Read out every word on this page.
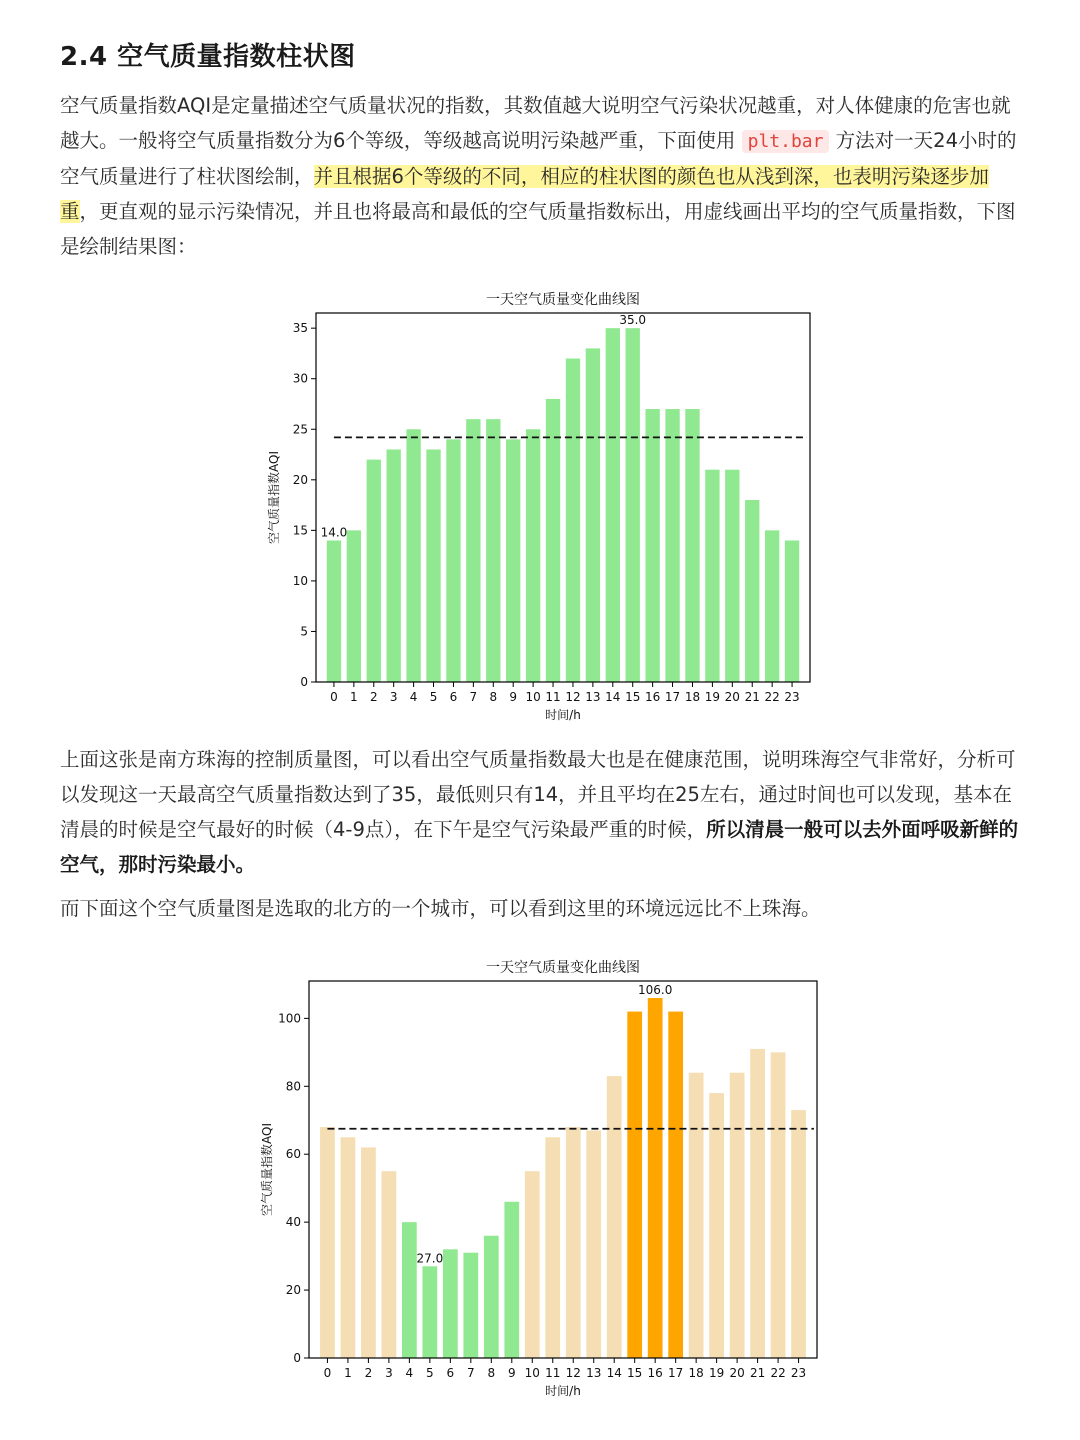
2.4 空气质量指数柱状图

空气质量指数AQI是定量描述空气质量状况的指数，其数值越大说明空气污染状况越重，对人体健康的危害也就越大。一般将空气质量指数分为6个等级，等级越高说明污染越严重，下面使用 plt.bar 方法对一天24小时的空气质量进行了柱状图绘制，并且根据6个等级的不同，相应的柱状图的颜色也从浅到深，也表明污染逐步加重，更直观的显示污染情况，并且也将最高和最低的空气质量指数标出，用虚线画出平均的空气质量指数，下图是绘制结果图：

一天空气质量变化曲线图
0
5
10
15
20
25
30
35
0 1 2 3 4 5 6 7 8 9 10 11 12 13 14 15 16 17 18 19 20 21 22 23
14.0
35.0
时间/h
空气质量指数AQI

上面这张是南方珠海的控制质量图，可以看出空气质量指数最大也是在健康范围，说明珠海空气非常好，分析可以发现这一天最高空气质量指数达到了35，最低则只有14，并且平均在25左右，通过时间也可以发现，基本在清晨的时候是空气最好的时候（4-9点），在下午是空气污染最严重的时候，所以清晨一般可以去外面呼吸新鲜的空气，那时污染最小。

而下面这个空气质量图是选取的北方的一个城市，可以看到这里的环境远远比不上珠海。

一天空气质量变化曲线图
0
20
40
60
80
100
0 1 2 3 4 5 6 7 8 9 10 11 12 13 14 15 16 17 18 19 20 21 22 23
27.0
106.0
时间/h
空气质量指数AQI
